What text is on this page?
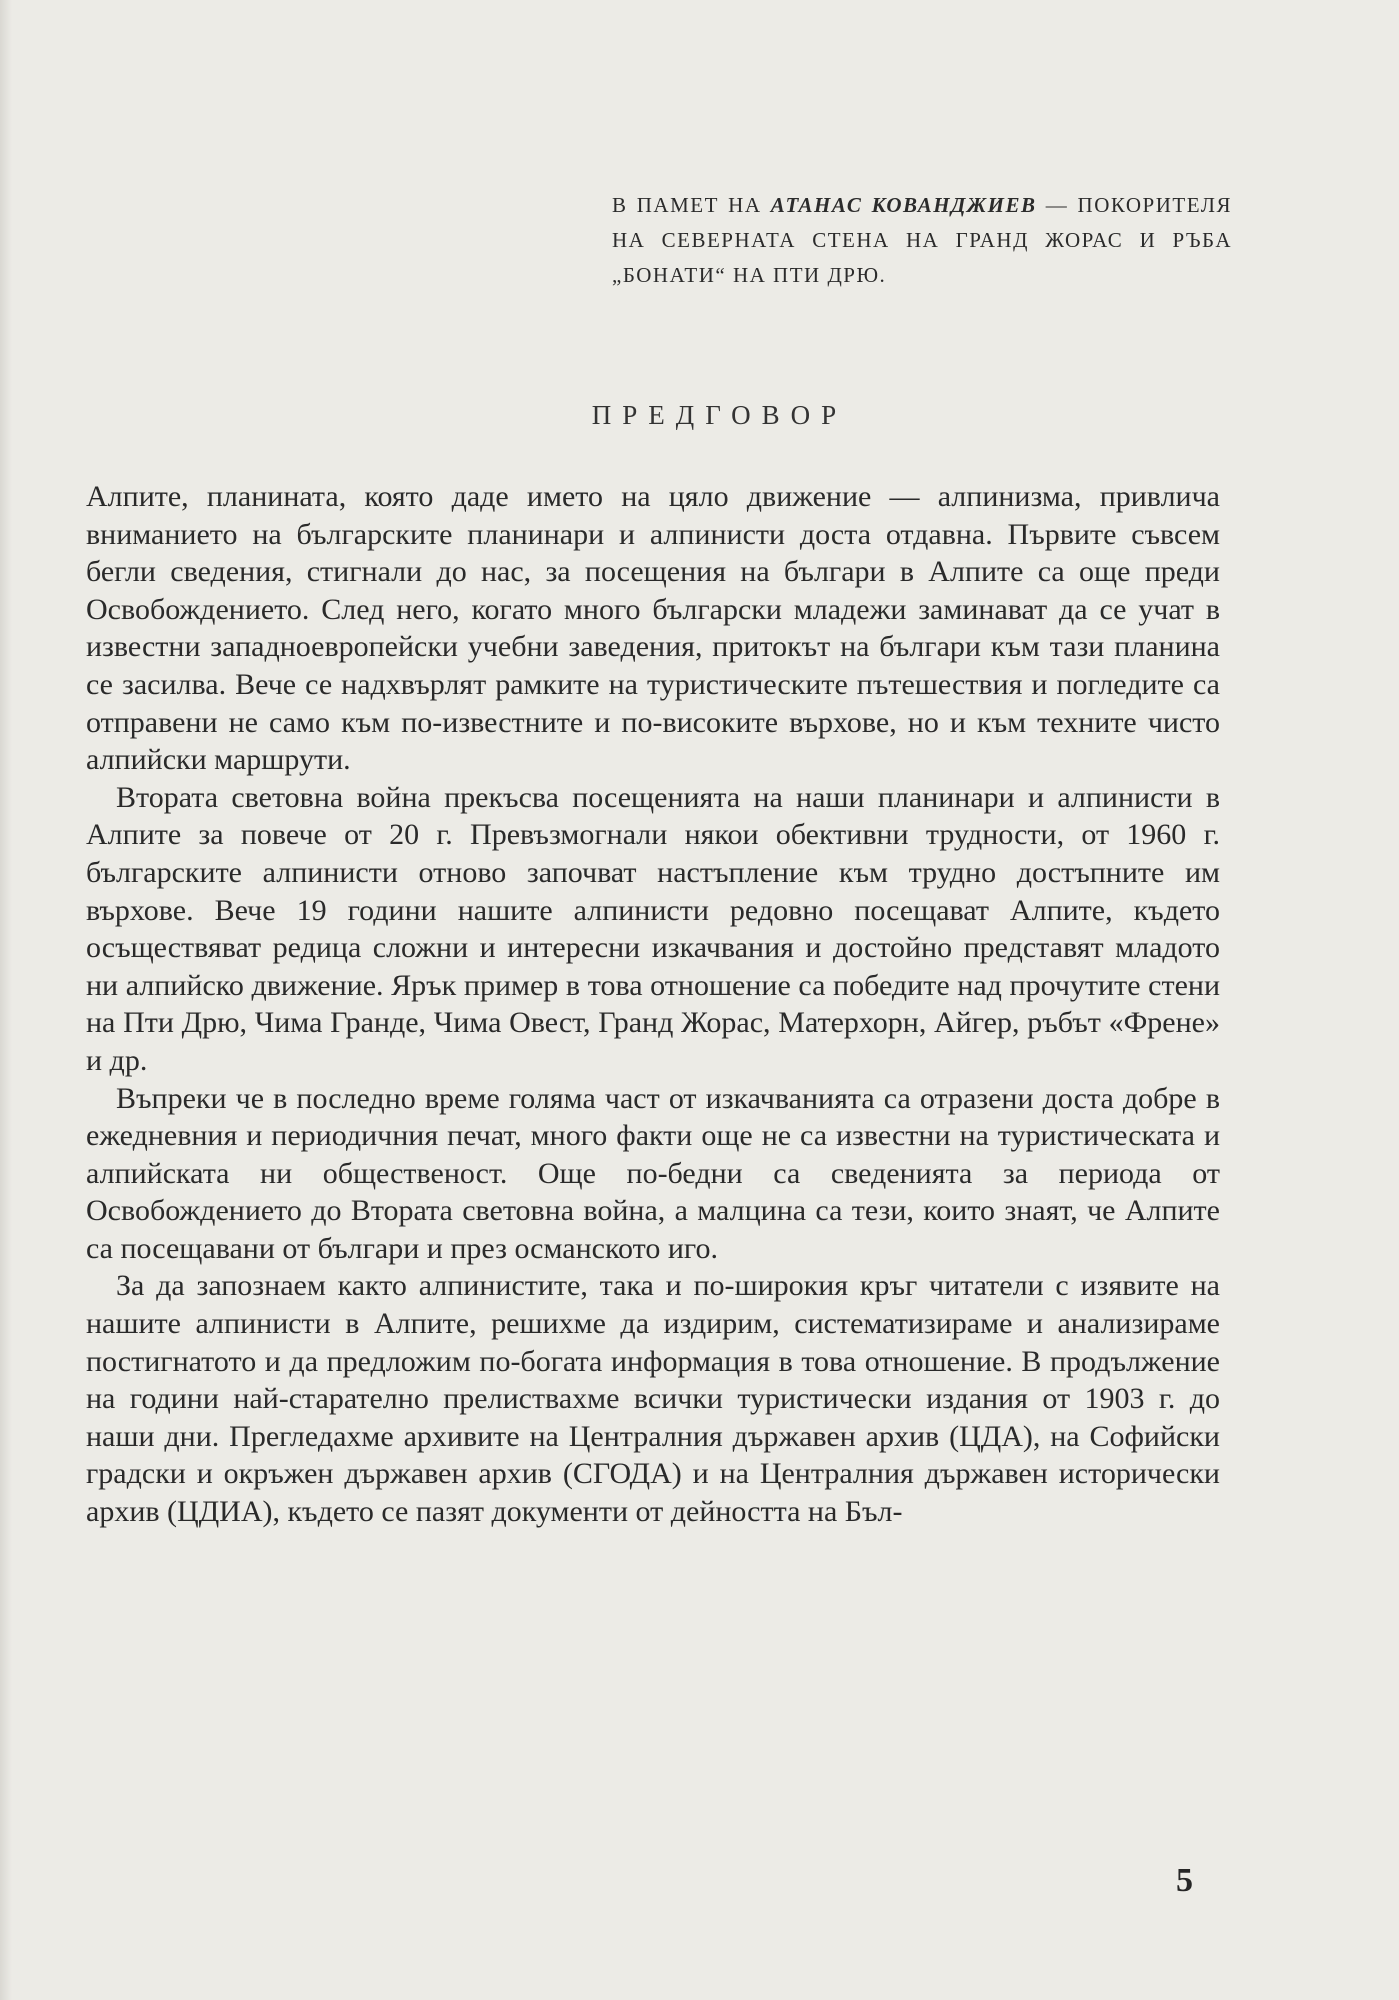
В ПАМЕТ НА АТАНАС КОВАНДЖИЕВ — ПОКОРИТЕЛЯ НА СЕВЕРНАТА СТЕНА НА ГРАНД ЖОРАС И РЪБА „БОНАТИ“ НА ПТИ ДРЮ.
ПРЕДГОВОР

Алпите, планината, която даде името на цяло движение — алпинизма, привлича вниманието на българските планинари и алпинисти доста отдавна. Първите съвсем бегли сведения, стигнали до нас, за посещения на българи в Алпите са още преди Освобождението. След него, когато много български младежи заминават да се учат в известни западноевропейски учебни заведения, притокът на българи към тази планина се засилва. Вече се надхвърлят рамките на туристическите пътешествия и погледите са отправени не само към по-известните и по-високите върхове, но и към техните чисто алпийски маршрути.

Втората световна война прекъсва посещенията на наши планинари и алпинисти в Алпите за повече от 20 г. Превъзмогнали някои обективни трудности, от 1960 г. българските алпинисти отново започват настъпление към трудно достъпните им върхове. Вече 19 години нашите алпинисти редовно посещават Алпите, където осъществяват редица сложни и интересни изкачвания и достойно представят младото ни алпийско движение. Ярък пример в това отношение са победите над прочутите стени на Пти Дрю, Чима Гранде, Чима Овест, Гранд Жорас, Матерхорн, Айгер, ръбът «Френе» и др.

Въпреки че в последно време голяма част от изкачванията са отразени доста добре в ежедневния и периодичния печат, много факти още не са известни на туристическата и алпийската ни общественост. Още по-бедни са сведенията за периода от Освобождението до Втората световна война, а малцина са тези, които знаят, че Алпите са посещавани от българи и през османското иго.

За да запознаем както алпинистите, така и по-широкия кръг читатели с изявите на нашите алпинисти в Алпите, решихме да издирим, систематизираме и анализираме постигнатото и да предложим по-богата информация в това отношение. В продължение на години най-старателно прелиствахме всички туристически издания от 1903 г. до наши дни. Прегледахме архивите на Централния държавен архив (ЦДА), на Софийски градски и окръжен държавен архив (СГОДА) и на Централния държавен исторически архив (ЦДИА), където се пазят документи от дейността на Бъл-

5
